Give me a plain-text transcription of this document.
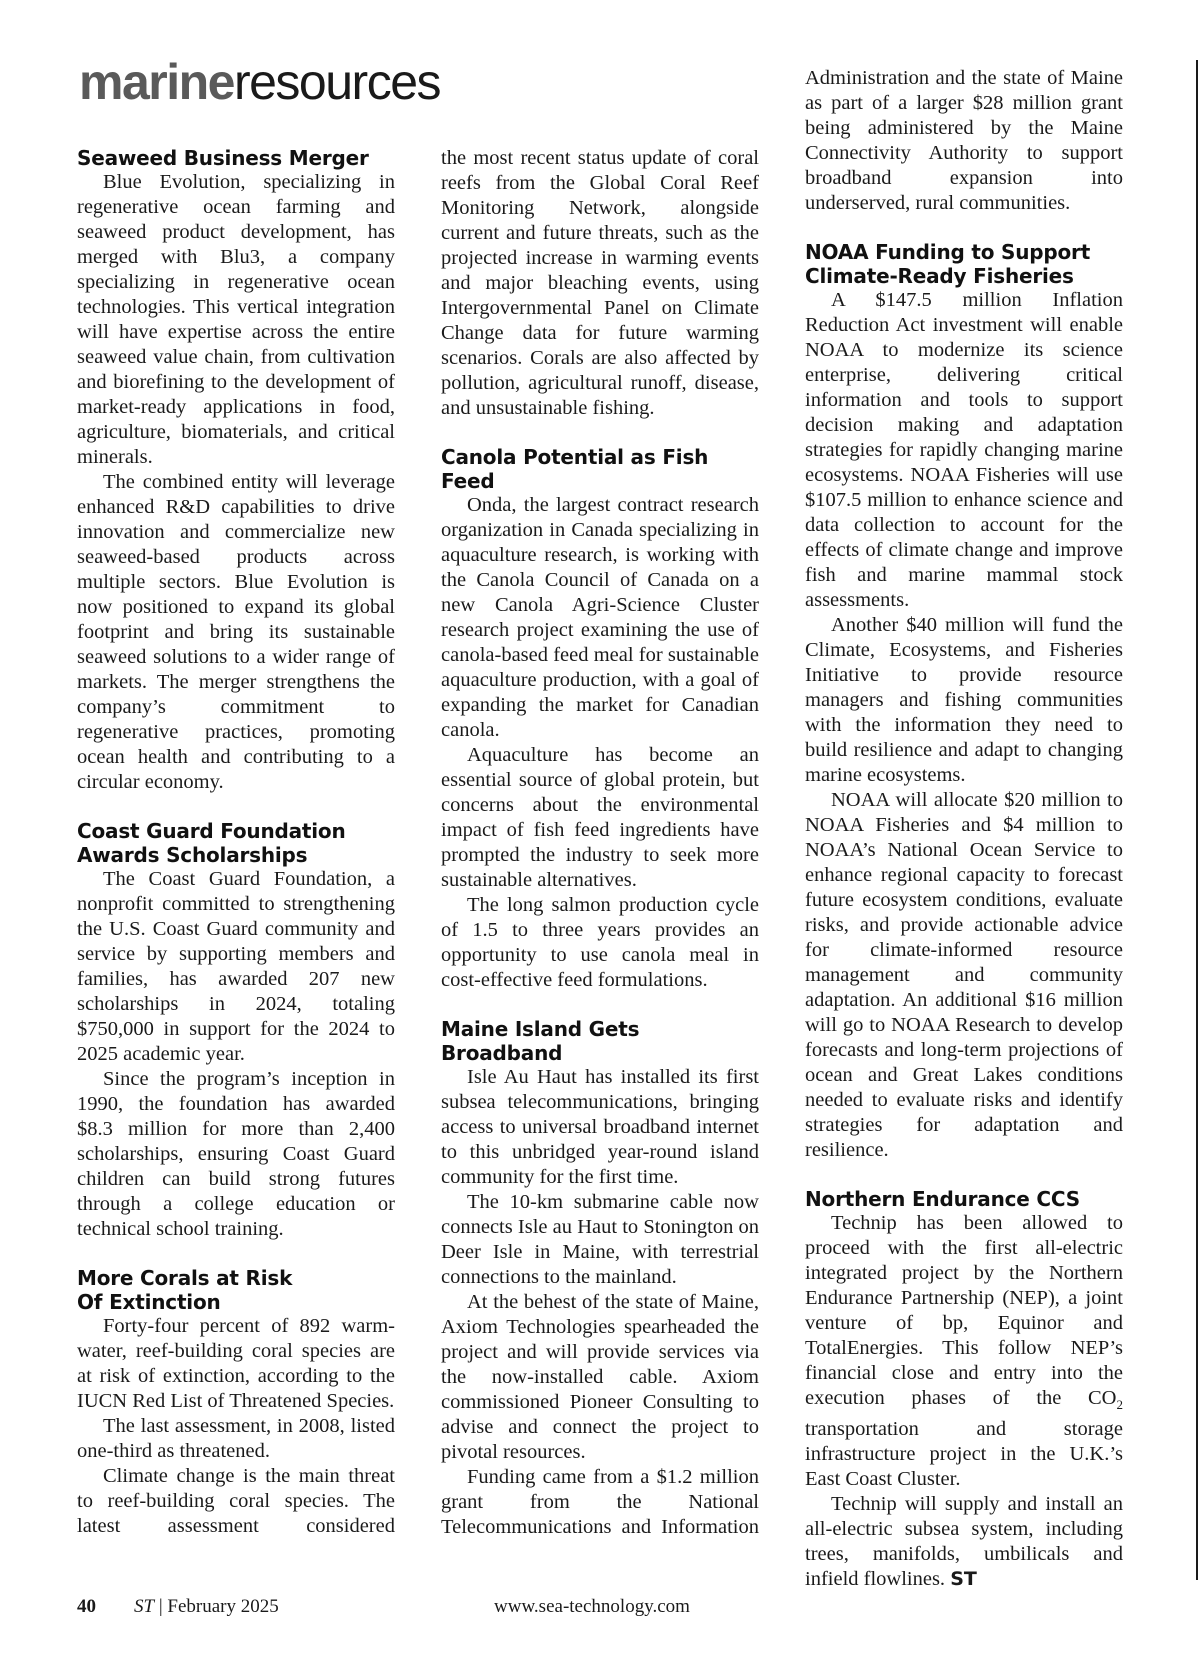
marineresources
Seaweed Business Merger

Blue Evolution, specializing in regenerative ocean farming and seaweed product development, has merged with Blu3, a company specializing in regenerative ocean technologies. This vertical integration will have expertise across the entire seaweed value chain, from cultivation and biorefining to the development of market-ready applications in food, agriculture, biomaterials, and critical minerals.

The combined entity will leverage enhanced R&D capabilities to drive innovation and commercialize new seaweed-based products across multiple sectors. Blue Evolution is now positioned to expand its global footprint and bring its sustainable seaweed solutions to a wider range of markets. The merger strengthens the company’s commitment to regenerative practices, promoting ocean health and contributing to a circular economy.

Coast Guard Foundation
Awards Scholarships

The Coast Guard Foundation, a nonprofit committed to strengthening the U.S. Coast Guard community and service by supporting members and families, has awarded 207 new scholarships in 2024, totaling $750,000 in support for the 2024 to 2025 academic year.

Since the program’s inception in 1990, the foundation has awarded $8.3 million for more than 2,400 scholarships, ensuring Coast Guard children can build strong futures through a college education or technical school training.

More Corals at Risk
Of Extinction

Forty-four percent of 892 warm-water, reef-building coral species are at risk of extinction, according to the IUCN Red List of Threatened Species.

The last assessment, in 2008, listed one-third as threatened.

Climate change is the main threat to reef-building coral species. The latest assessment considered

the most recent status update of coral reefs from the Global Coral Reef Monitoring Network, alongside current and future threats, such as the projected increase in warming events and major bleaching events, using Intergovernmental Panel on Climate Change data for future warming scenarios. Corals are also affected by pollution, agricultural runoff, disease, and unsustainable fishing.

Canola Potential as Fish Feed

Onda, the largest contract research organization in Canada specializing in aquaculture research, is working with the Canola Council of Canada on a new Canola Agri-Science Cluster research project examining the use of canola-based feed meal for sustainable aquaculture production, with a goal of expanding the market for Canadian canola.

Aquaculture has become an essential source of global protein, but concerns about the environmental impact of fish feed ingredients have prompted the industry to seek more sustainable alternatives.

The long salmon production cycle of 1.5 to three years provides an opportunity to use canola meal in cost-effective feed formulations.

Maine Island Gets Broadband

Isle Au Haut has installed its first subsea telecommunications, bringing access to universal broadband internet to this unbridged year-round island community for the first time.

The 10-km submarine cable now connects Isle au Haut to Stonington on Deer Isle in Maine, with terrestrial connections to the mainland.

At the behest of the state of Maine, Axiom Technologies spearheaded the project and will provide services via the now-installed cable. Axiom commissioned Pioneer Consulting to advise and connect the project to pivotal resources.

Funding came from a $1.2 million grant from the National Telecommunications and Information

Administration and the state of Maine as part of a larger $28 million grant being administered by the Maine Connectivity Authority to support broadband expansion into underserved, rural communities.

NOAA Funding to Support
Climate-Ready Fisheries

A $147.5 million Inflation Reduction Act investment will enable NOAA to modernize its science enterprise, delivering critical information and tools to support decision making and adaptation strategies for rapidly changing marine ecosystems. NOAA Fisheries will use $107.5 million to enhance science and data collection to account for the effects of climate change and improve fish and marine mammal stock assessments.

Another $40 million will fund the Climate, Ecosystems, and Fisheries Initiative to provide resource managers and fishing communities with the information they need to build resilience and adapt to changing marine ecosystems.

NOAA will allocate $20 million to NOAA Fisheries and $4 million to NOAA’s National Ocean Service to enhance regional capacity to forecast future ecosystem conditions, evaluate risks, and provide actionable advice for climate-informed resource management and community adaptation. An additional $16 million will go to NOAA Research to develop forecasts and long-term projections of ocean and Great Lakes conditions needed to evaluate risks and identify strategies for adaptation and resilience.

Northern Endurance CCS

Technip has been allowed to proceed with the first all-electric integrated project by the Northern Endurance Partnership (NEP), a joint venture of bp, Equinor and TotalEnergies. This follow NEP’s financial close and entry into the execution phases of the $CO_2$ transportation and storage infrastructure project in the U.K.’s East Coast Cluster.

Technip will supply and install an all-electric subsea system, including trees, manifolds, umbilicals and infield flowlines. ST

40 ST | February 2025	www.sea-technology.com
